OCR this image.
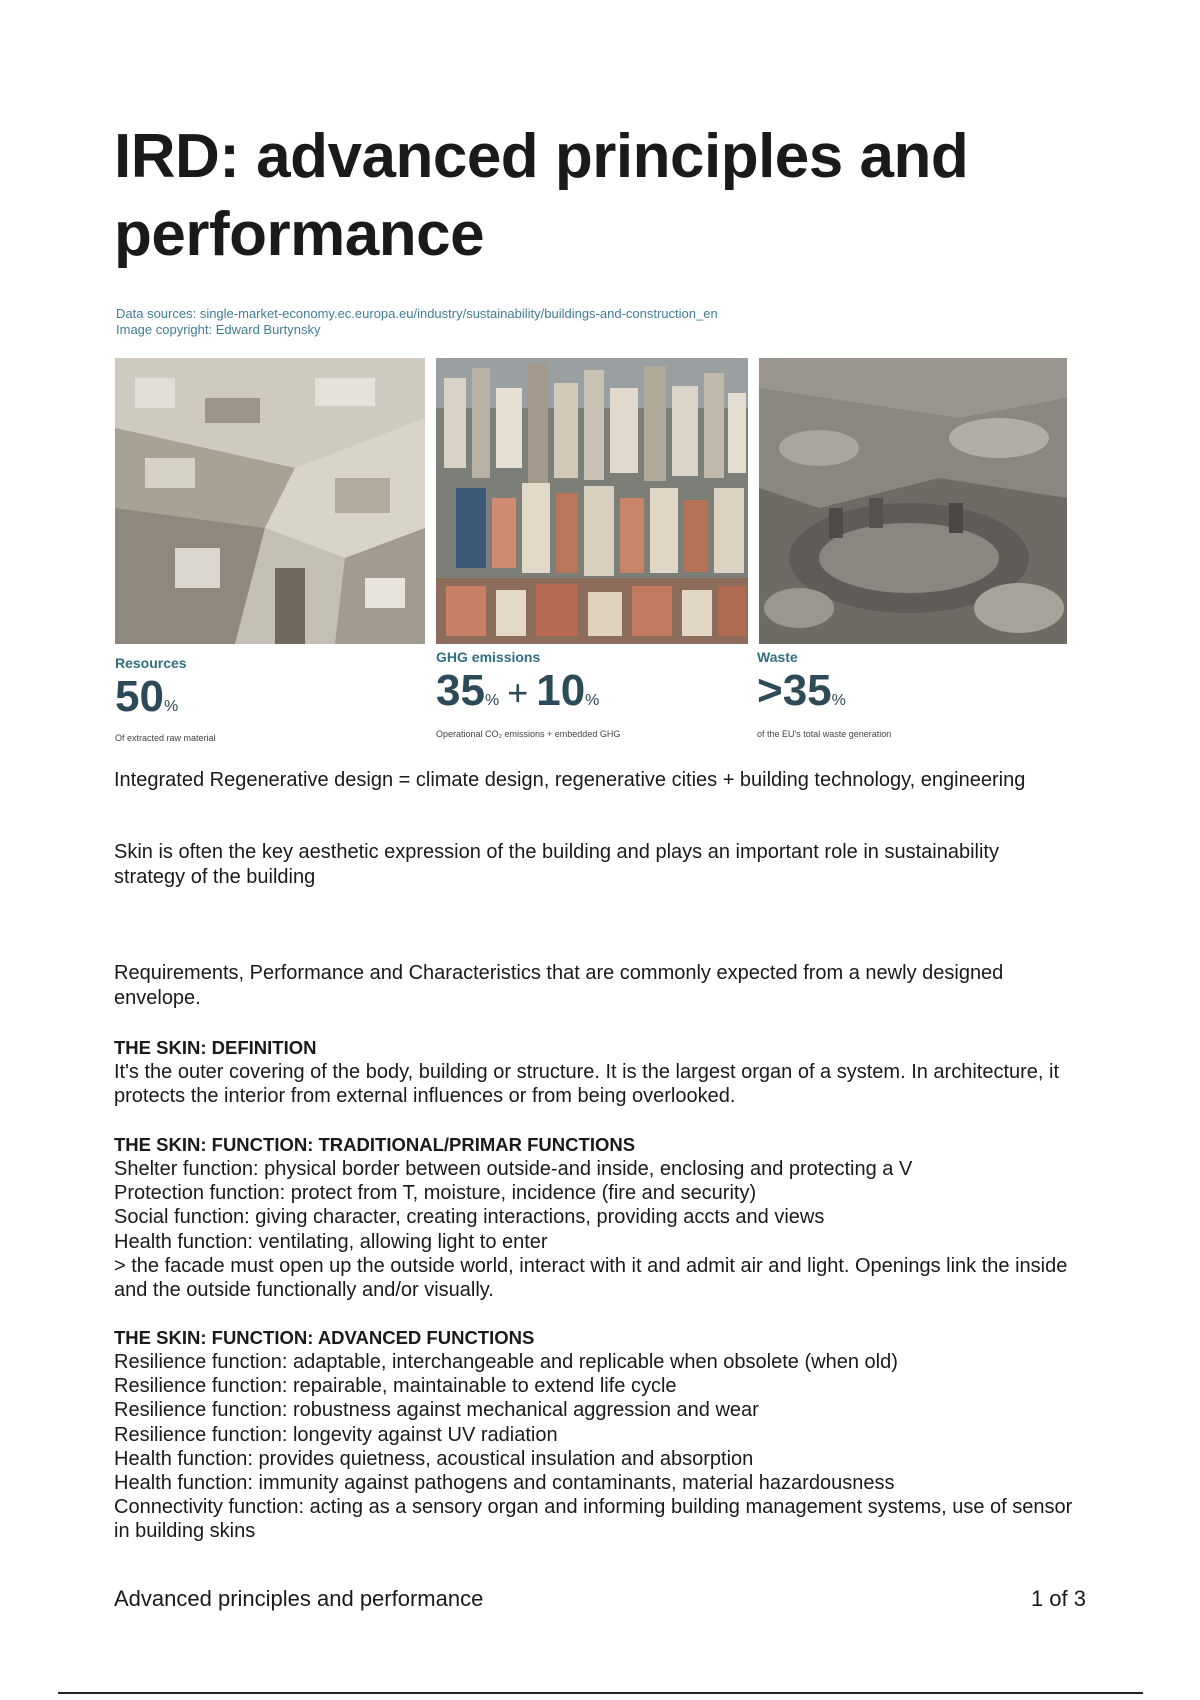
IRD: advanced principles and performance
Data sources: single-market-economy.ec.europa.eu/industry/sustainability/buildings-and-construction_en
Image copyright: Edward Burtynsky
Resources
50%
Of extracted raw material
GHG emissions
35% + 10%
Operational CO₂ emissions + embedded GHG
Waste
>35%
of the EU's total waste generation

Integrated Regenerative design = climate design, regenerative cities + building technology, engineering

Skin is often the key aesthetic expression of the building and plays an important role in sustainability strategy of the building

Requirements, Performance and Characteristics that are commonly expected from a newly designed envelope.

THE SKIN: DEFINITION
It's the outer covering of the body, building or structure. It is the largest organ of a system. In architecture, it protects the interior from external influences or from being overlooked.
THE SKIN: FUNCTION: TRADITIONAL/PRIMAR FUNCTIONS
Shelter function: physical border between outside-and inside, enclosing and protecting a V
Protection function: protect from T, moisture, incidence (fire and security)
Social function: giving character, creating interactions, providing accts and views
Health function: ventilating, allowing light to enter
> the facade must open up the outside world, interact with it and admit air and light. Openings link the inside and the outside functionally and/or visually.
THE SKIN: FUNCTION: ADVANCED FUNCTIONS
Resilience function: adaptable, interchangeable and replicable when obsolete (when old)
Resilience function: repairable, maintainable to extend life cycle
Resilience function: robustness against mechanical aggression and wear
Resilience function: longevity against UV radiation
Health function: provides quietness, acoustical insulation and absorption
Health function: immunity against pathogens and contaminants, material hazardousness
Connectivity function: acting as a sensory organ and informing building management systems, use of sensor in building skins
Advanced principles and performance	1 of 3
